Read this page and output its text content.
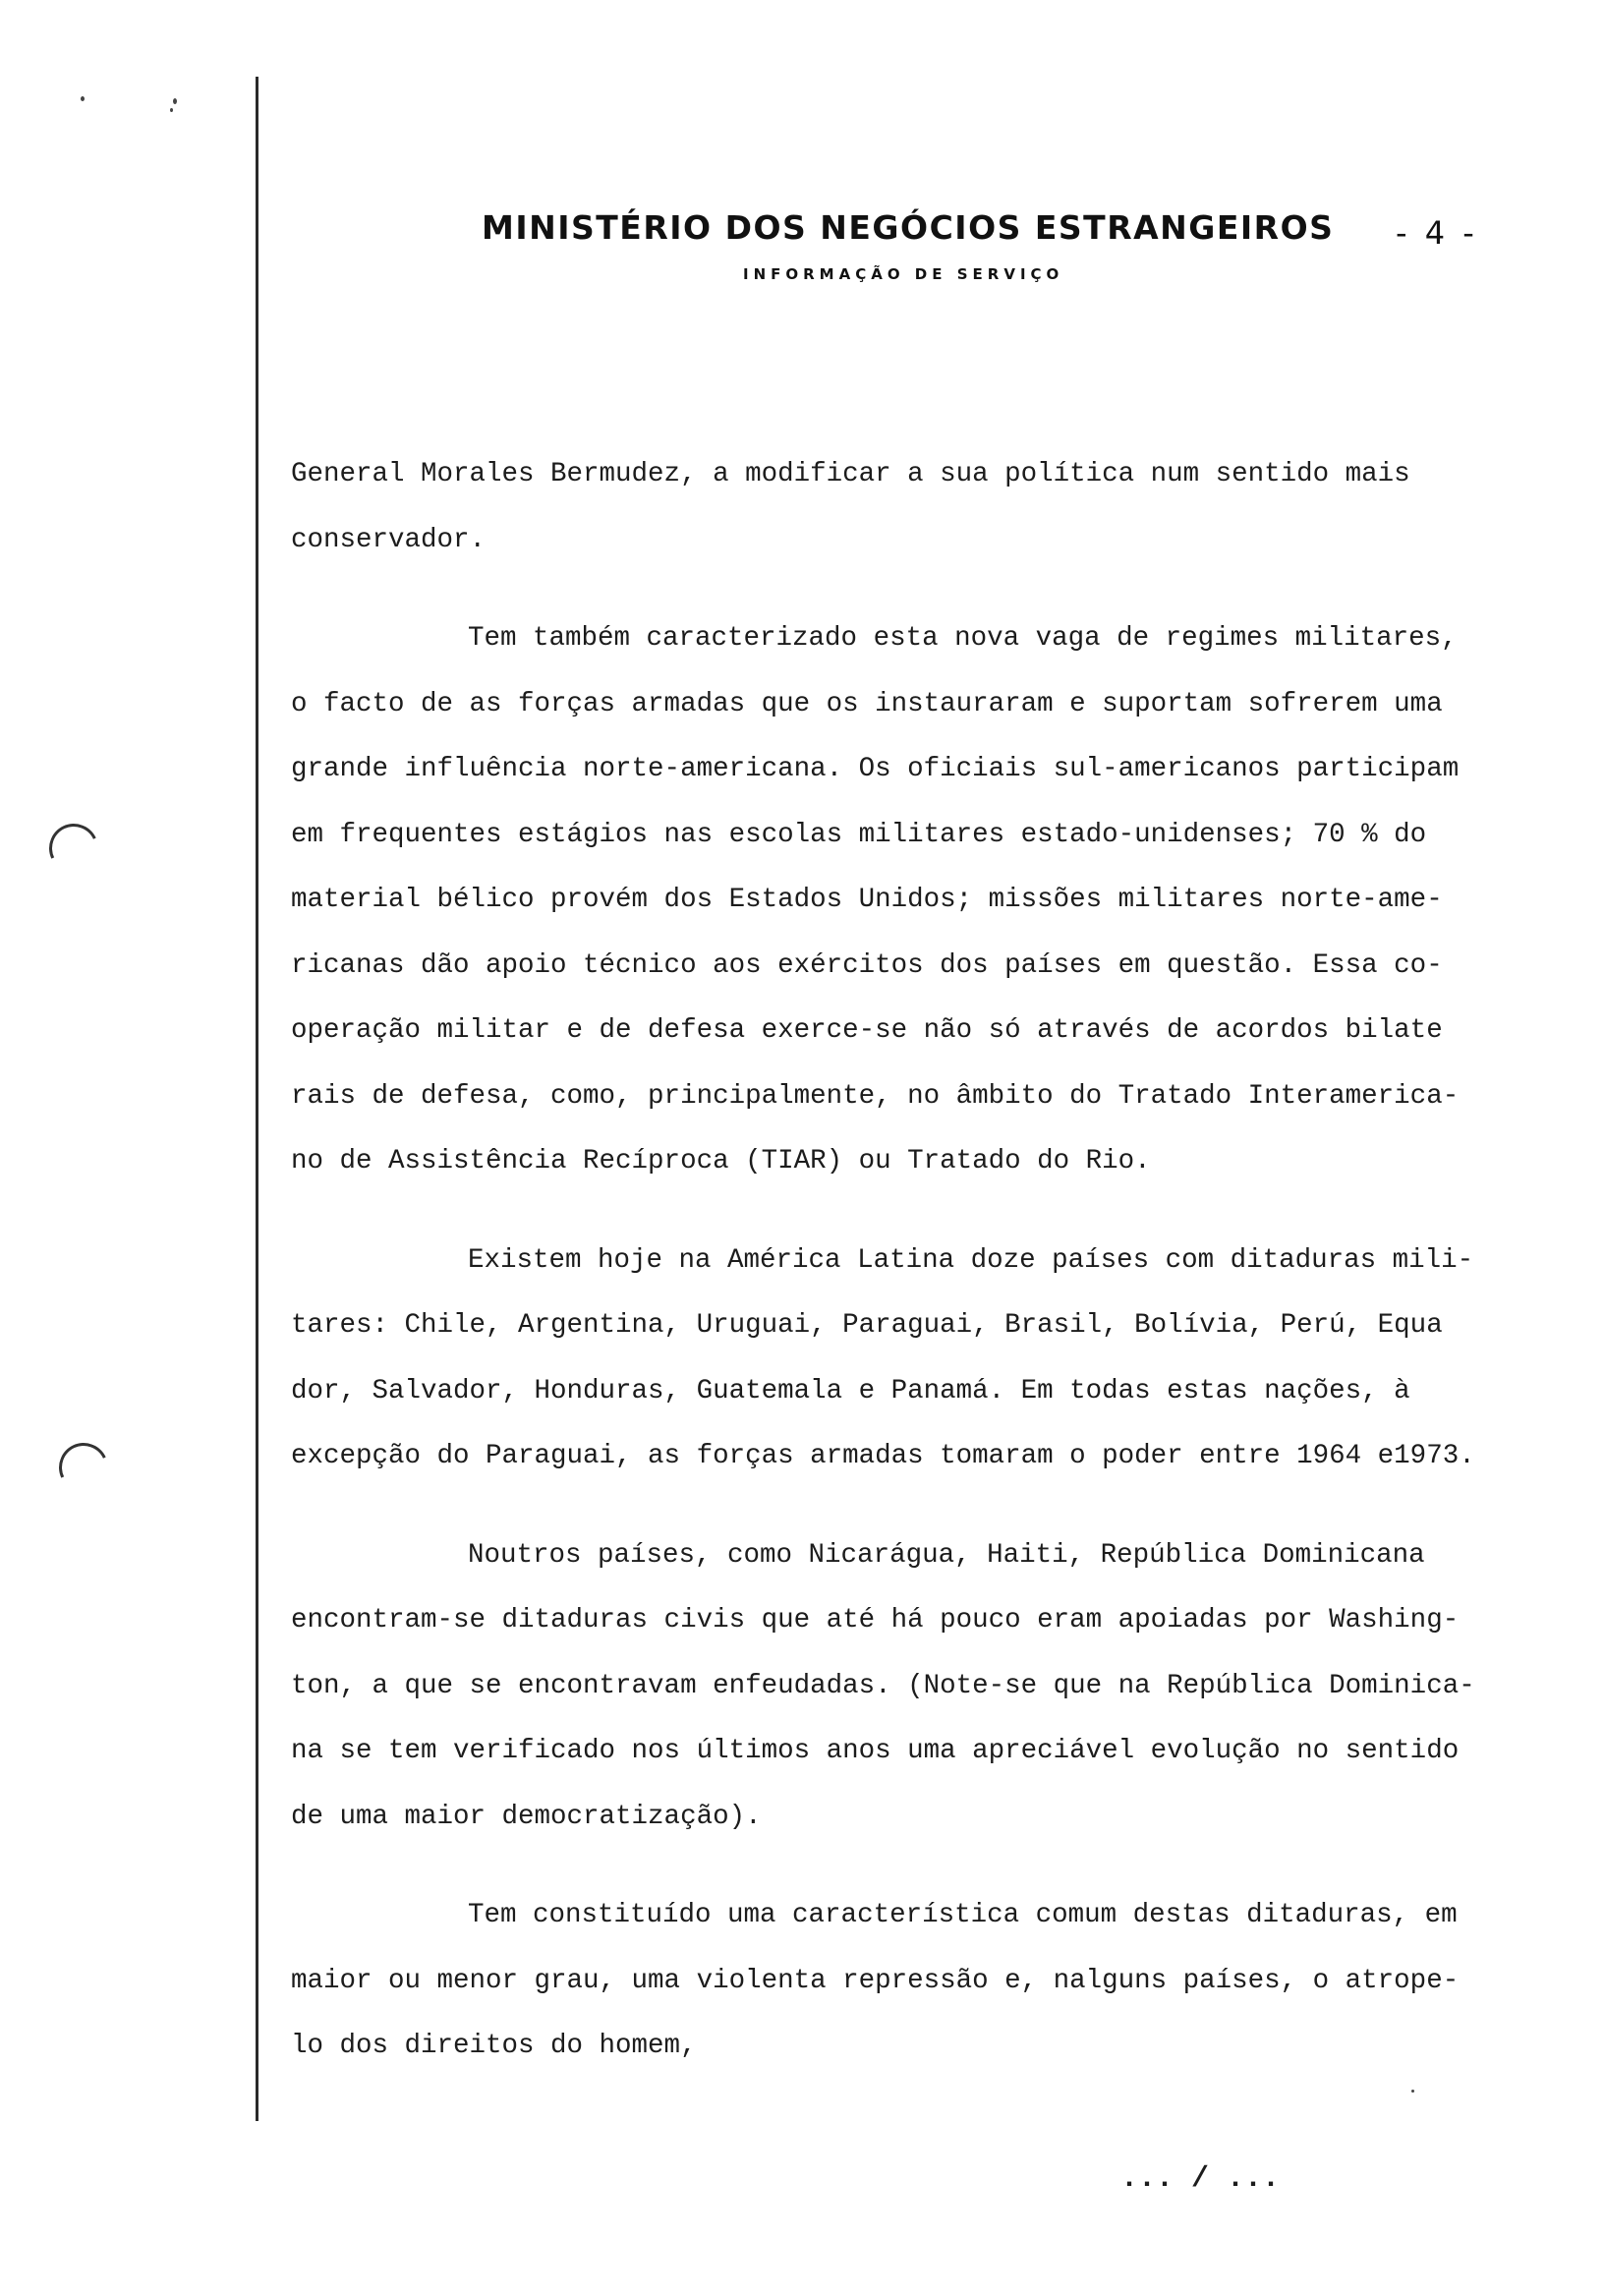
MINISTÉRIO DOS NEGÓCIOS ESTRANGEIROS	- 4 -
INFORMAÇÃO DE SERVIÇO
General Morales Bermudez, a modificar a sua política num sentido mais
conservador.
Tem também caracterizado esta nova vaga de regimes militares,
o facto de as forças armadas que os instauraram e suportam sofrerem uma
grande influência norte-americana. Os oficiais sul-americanos participam
em frequentes estágios nas escolas militares estado-unidenses; 70 % do
material bélico provém dos Estados Unidos; missões militares norte-ame-
ricanas dão apoio técnico aos exércitos dos países em questão. Essa co-
operação militar e de defesa exerce-se não só através de acordos bilate
rais de defesa, como, principalmente, no âmbito do Tratado Interamerica-
no de Assistência Recíproca (TIAR) ou Tratado do Rio.
Existem hoje na América Latina doze países com ditaduras mili-
tares: Chile, Argentina, Uruguai, Paraguai, Brasil, Bolívia, Perú, Equa
dor, Salvador, Honduras, Guatemala e Panamá. Em todas estas nações, à
excepção do Paraguai, as forças armadas tomaram o poder entre 1964 e1973.
Noutros países, como Nicarágua, Haiti, República Dominicana
encontram-se ditaduras civis que até há pouco eram apoiadas por Washing-
ton, a que se encontravam enfeudadas. (Note-se que na República Dominica-
na se tem verificado nos últimos anos uma apreciável evolução no sentido
de uma maior democratização).
Tem constituído uma característica comum destas ditaduras, em
maior ou menor grau, uma violenta repressão e, nalguns países, o atrope-
lo dos direitos do homem,
... / ...
